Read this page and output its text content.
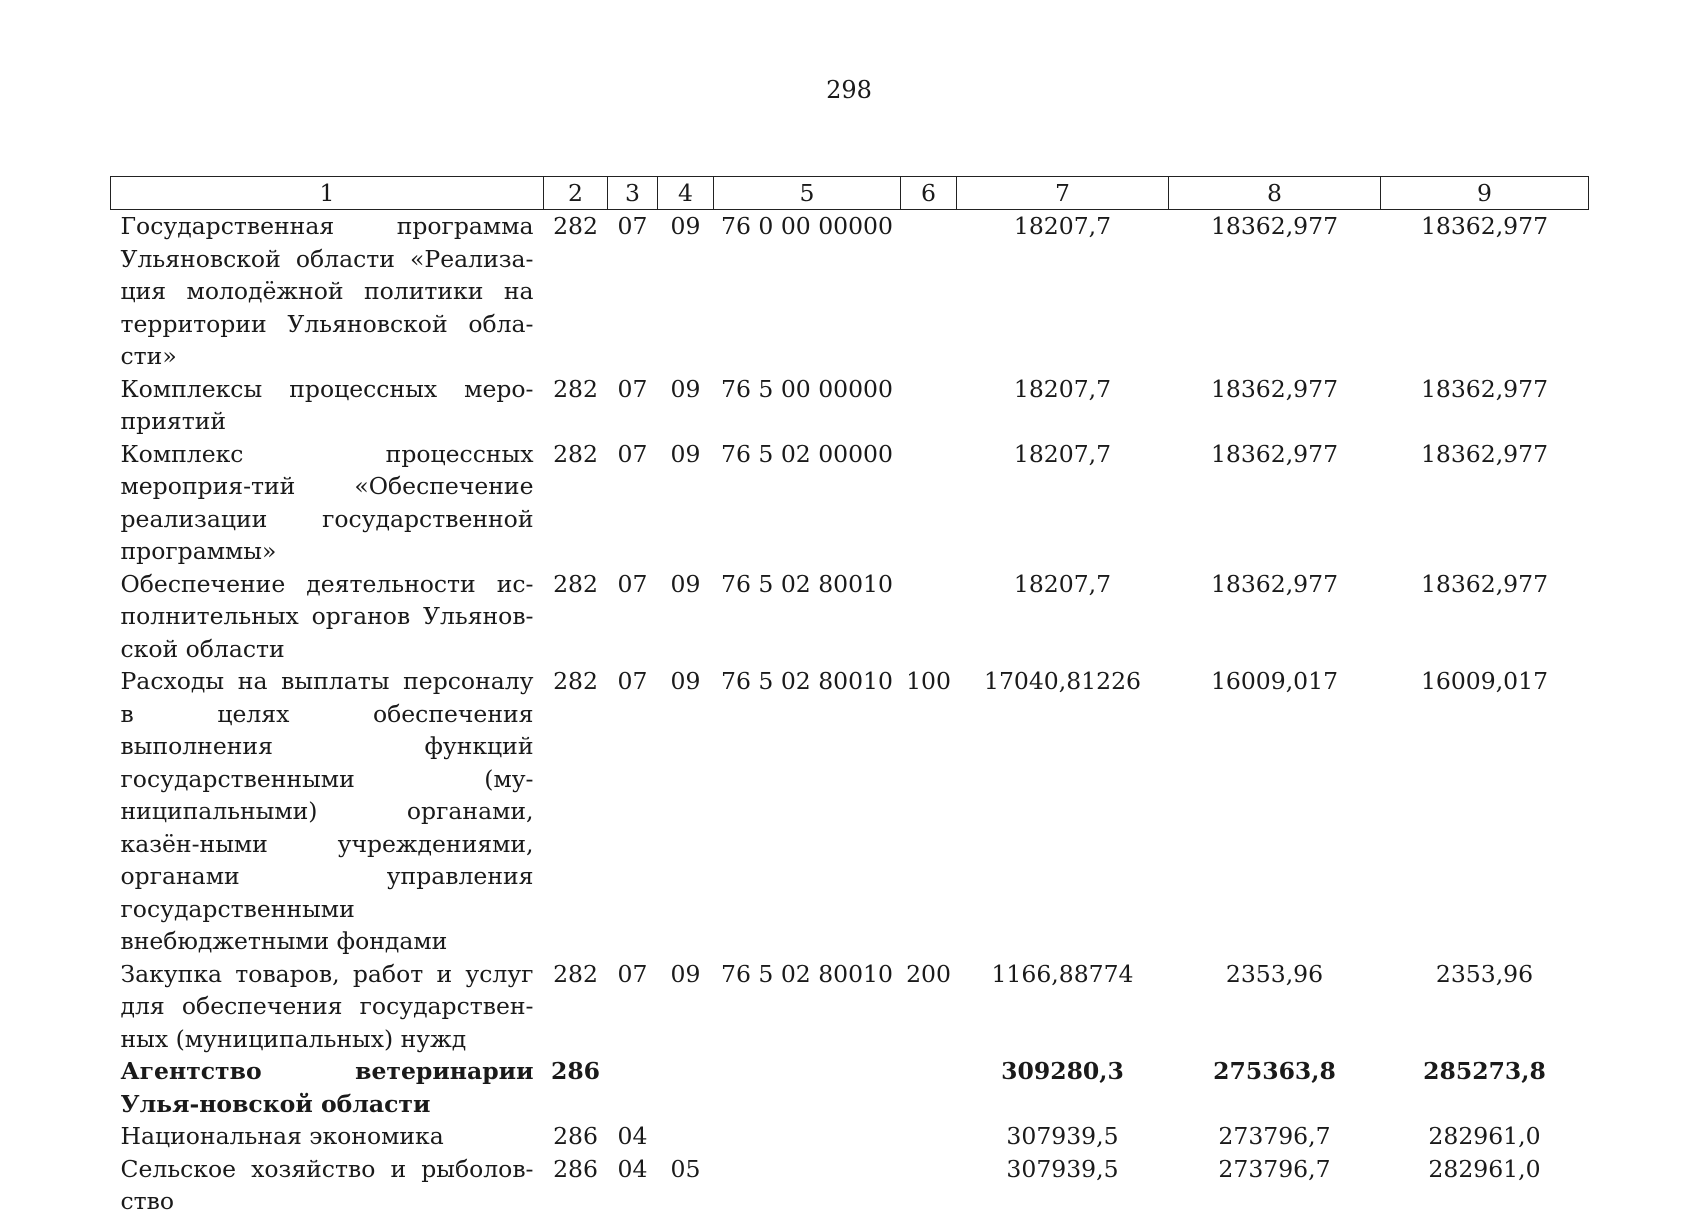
298
1	2	3	4	5	6	7	8	9
Государственная программа Ульяновской области «Реализа-ция молодёжной политики на территории Ульяновской обла-сти»	282	07	09	76 0 00 00000		18207,7	18362,977	18362,977
Комплексы процессных меро-приятий	282	07	09	76 5 00 00000		18207,7	18362,977	18362,977
Комплекс процессных мероприя-тий «Обеспечение реализации государственной программы»	282	07	09	76 5 02 00000		18207,7	18362,977	18362,977
Обеспечение деятельности ис-полнительных органов Ульянов-ской области	282	07	09	76 5 02 80010		18207,7	18362,977	18362,977
Расходы на выплаты персоналу в целях обеспечения выполнения функций государственными (му-ниципальными) органами, казён-ными учреждениями, органами управления государственными внебюджетными фондами	282	07	09	76 5 02 80010	100	17040,81226	16009,017	16009,017
Закупка товаров, работ и услуг для обеспечения государствен-ных (муниципальных) нужд	282	07	09	76 5 02 80010	200	1166,88774	2353,96	2353,96
Агентство ветеринарии Улья-новской области	286					309280,3	275363,8	285273,8
Национальная экономика	286	04				307939,5	273796,7	282961,0
Сельское хозяйство и рыболов-ство	286	04	05			307939,5	273796,7	282961,0
